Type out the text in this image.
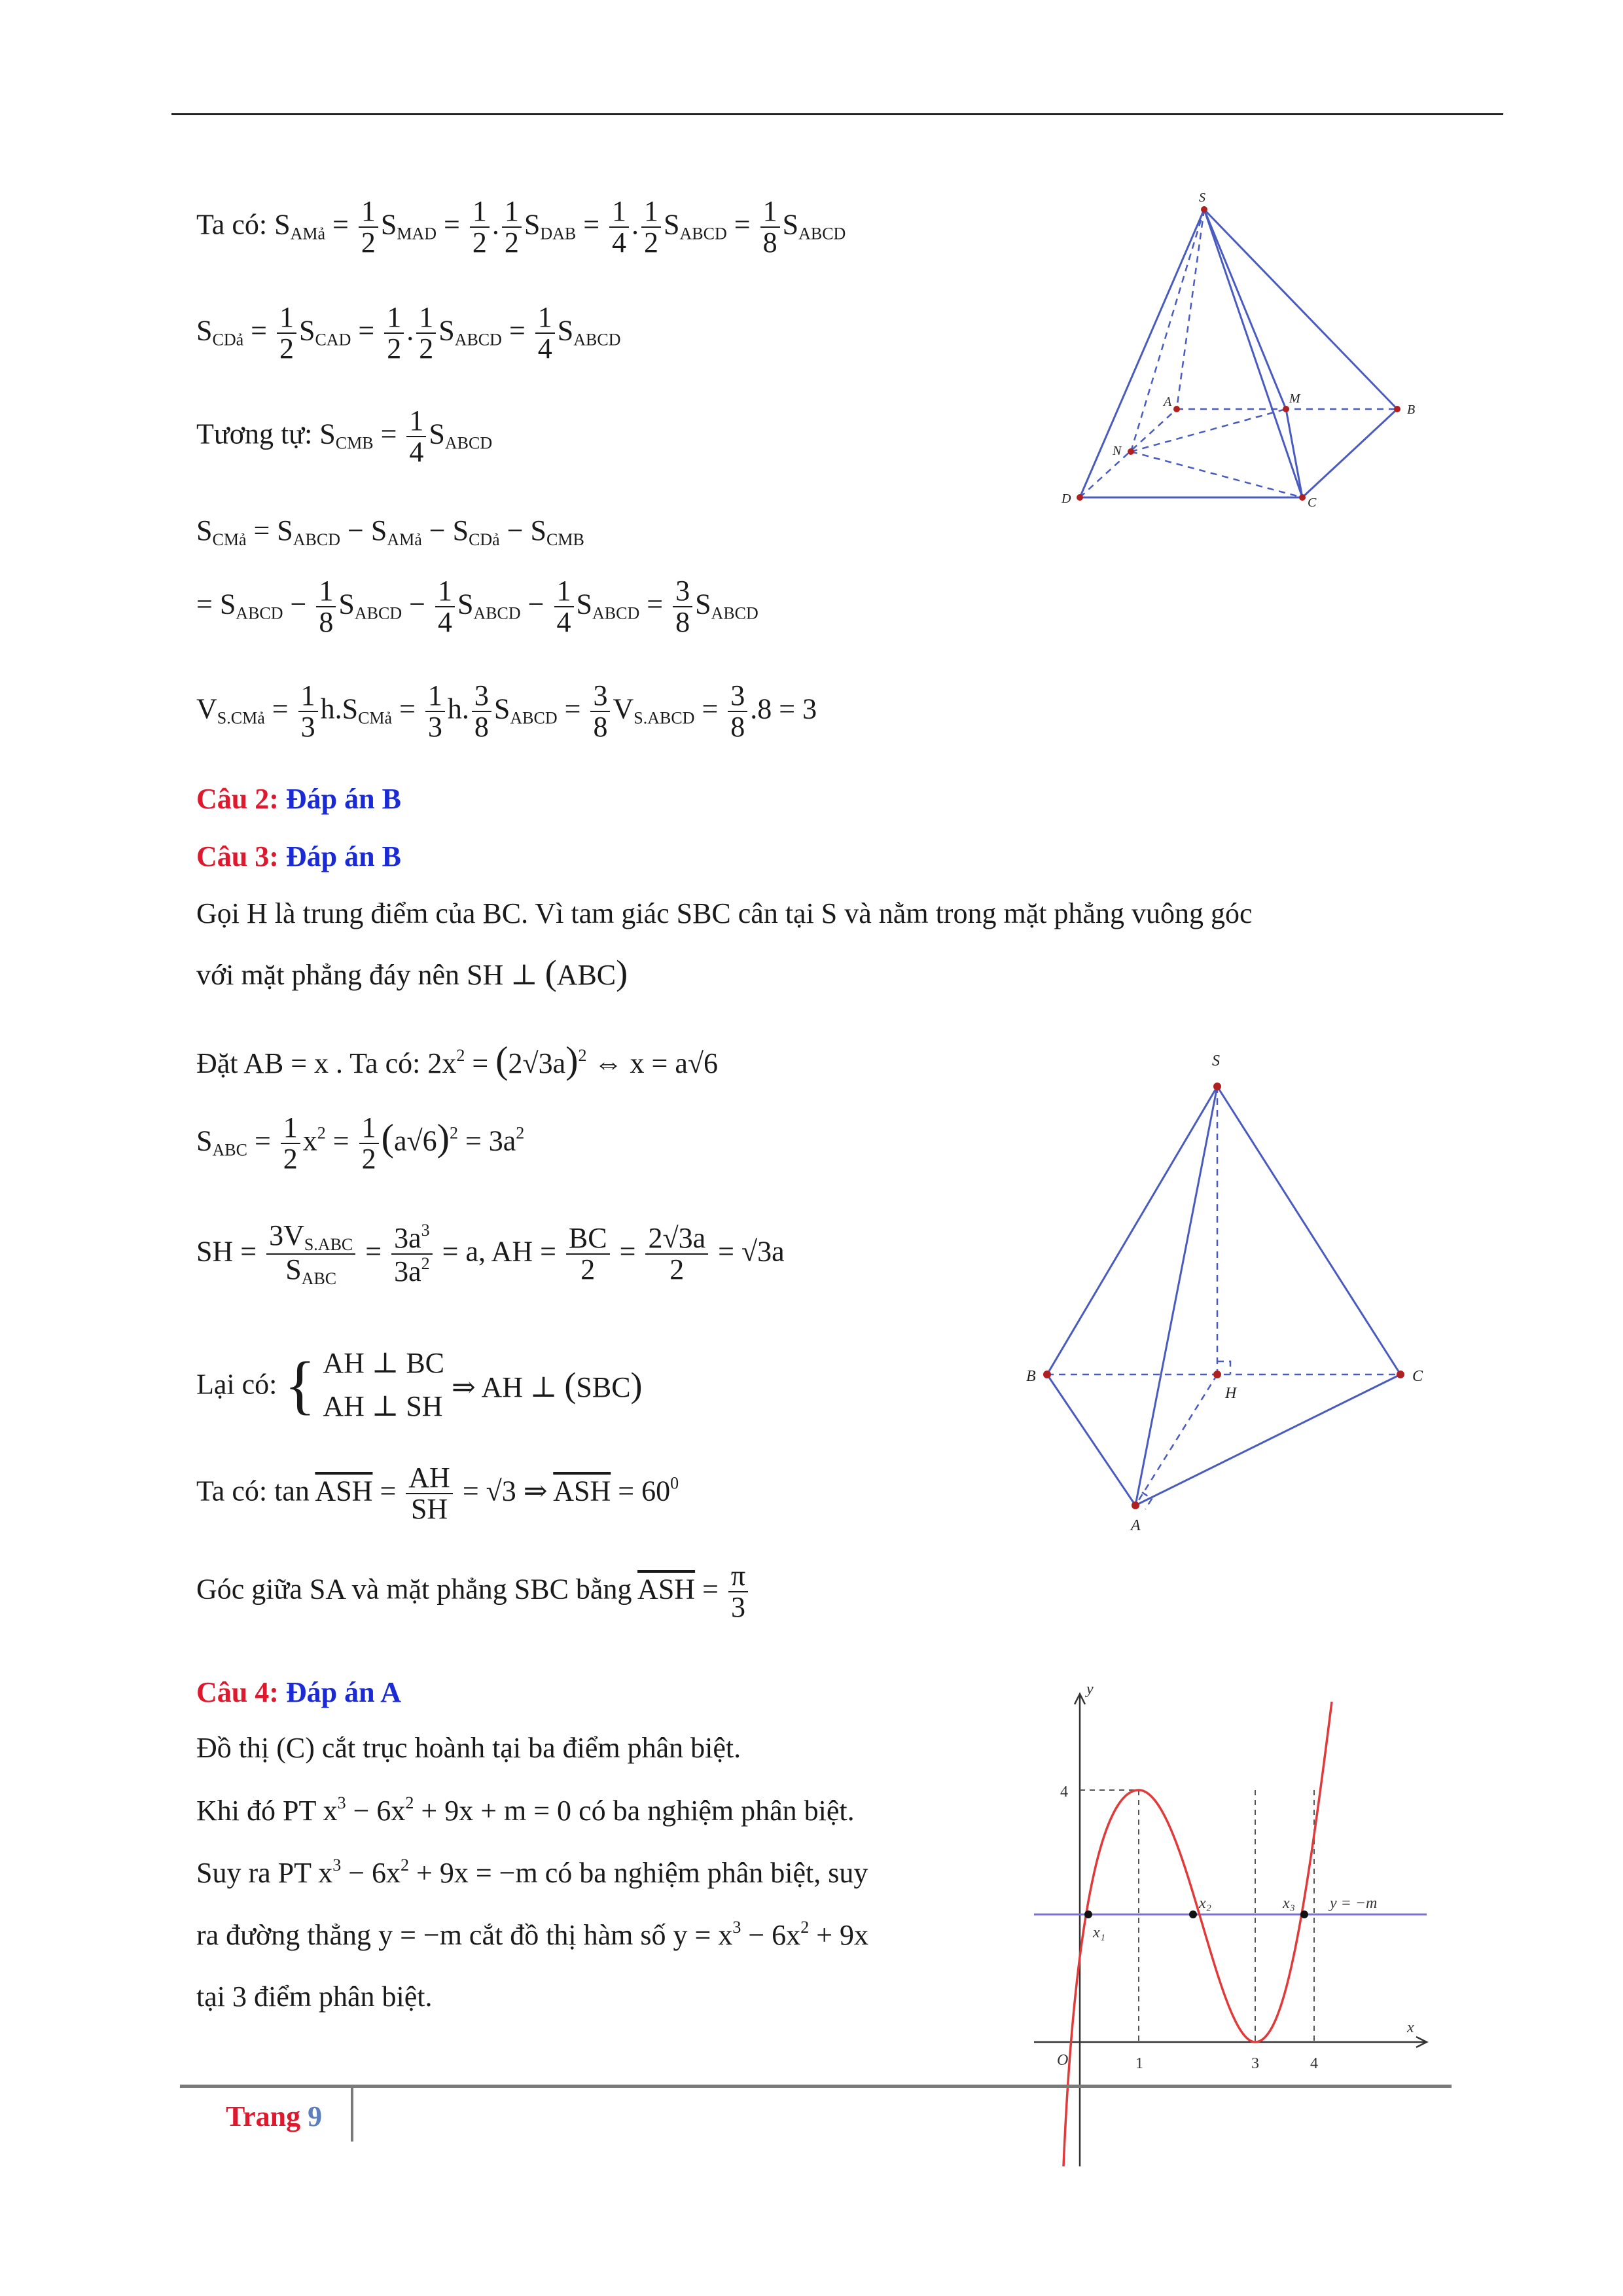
Ta có: $S_{AMả} = \frac{1}{2} S_{MAD} = \frac{1}{2}$ . $\frac{1}{2} S_{DAB} = \frac{1}{4}$ . $\frac{1}{2} S_{ABCD} = \frac{1}{8} S_{ABCD}$
$S_{CDả} = \frac{1}{2} S_{CAD} = \frac{1}{2}$ . $\frac{1}{2} S_{ABCD} = \frac{1}{4} S_{ABCD}$
Tương tự: $S_{CMB} = \frac{1}{4} S_{ABCD}$
$S_{CMả} = S_{ABCD} - S_{AMả} - S_{CDả} - S_{CMB}$
= $S_{ABCD} - \frac{1}{8} S_{ABCD} - \frac{1}{4} S_{ABCD} - \frac{1}{4} S_{ABCD} = \frac{3}{8} S_{ABCD}$
$V_{S.CMả} = \frac{1}{3} h.S_{CMả} = \frac{1}{3} h$. $\frac{3}{8} S_{ABCD} = \frac{3}{8} V_{S.ABCD} = \frac{3}{8} .8 = 3$
S
A	M
B
N
D	C
Câu 2: Đáp án B
Câu 3: Đáp án B
Gọi H là trung điểm của BC. Vì tam giác SBC cân tại S và nằm trong mặt phẳng vuông góc
với mặt phẳng đáy nên SH ⊥ (ABC)
Đặt AB = x . Ta có: $2x^2 = (2√3a)^2$ ⇔ x = a√6
$S_{ABC} = \frac{1}{2} x^2 = \frac{1}{2} (a√6)^2 = 3a^2$
SH = $\frac{3V_{S.ABC}}{S_{ABC}} = \frac{3a^3}{3a^2} = a$, AH = $\frac{BC}{2} = \frac{2√3a}{2} = √3a$
Lại có: { AH ⊥ BC
AH ⊥ SH ⇒ AH ⊥ (SBC)
Ta có: $\tan \overline{ASH} = \frac{AH}{SH} = √3$ ⇒ $\overline{ASH} = 60^0$
Góc giữa SA và mặt phẳng SBC bằng $\overline{ASH} = \frac{\pi}{3}$
S
B
H
C
A
Câu 4: Đáp án A
Đồ thị (C) cắt trục hoành tại ba điểm phân biệt.
Khi đó PT $x^3 - 6x^2 + 9x + m = 0$ có ba nghiệm phân biệt.
Suy ra PT $x^3 - 6x^2 + 9x = -m$ có ba nghiệm phân biệt, suy
ra đường thẳng y = −m cắt đồ thị hàm số $y = x^3 - 6x^2 + 9x$
tại 3 điểm phân biệt.
y
x
O
4
1	3	4
x₁
x₂	x₃ y = −m
Trang 9
